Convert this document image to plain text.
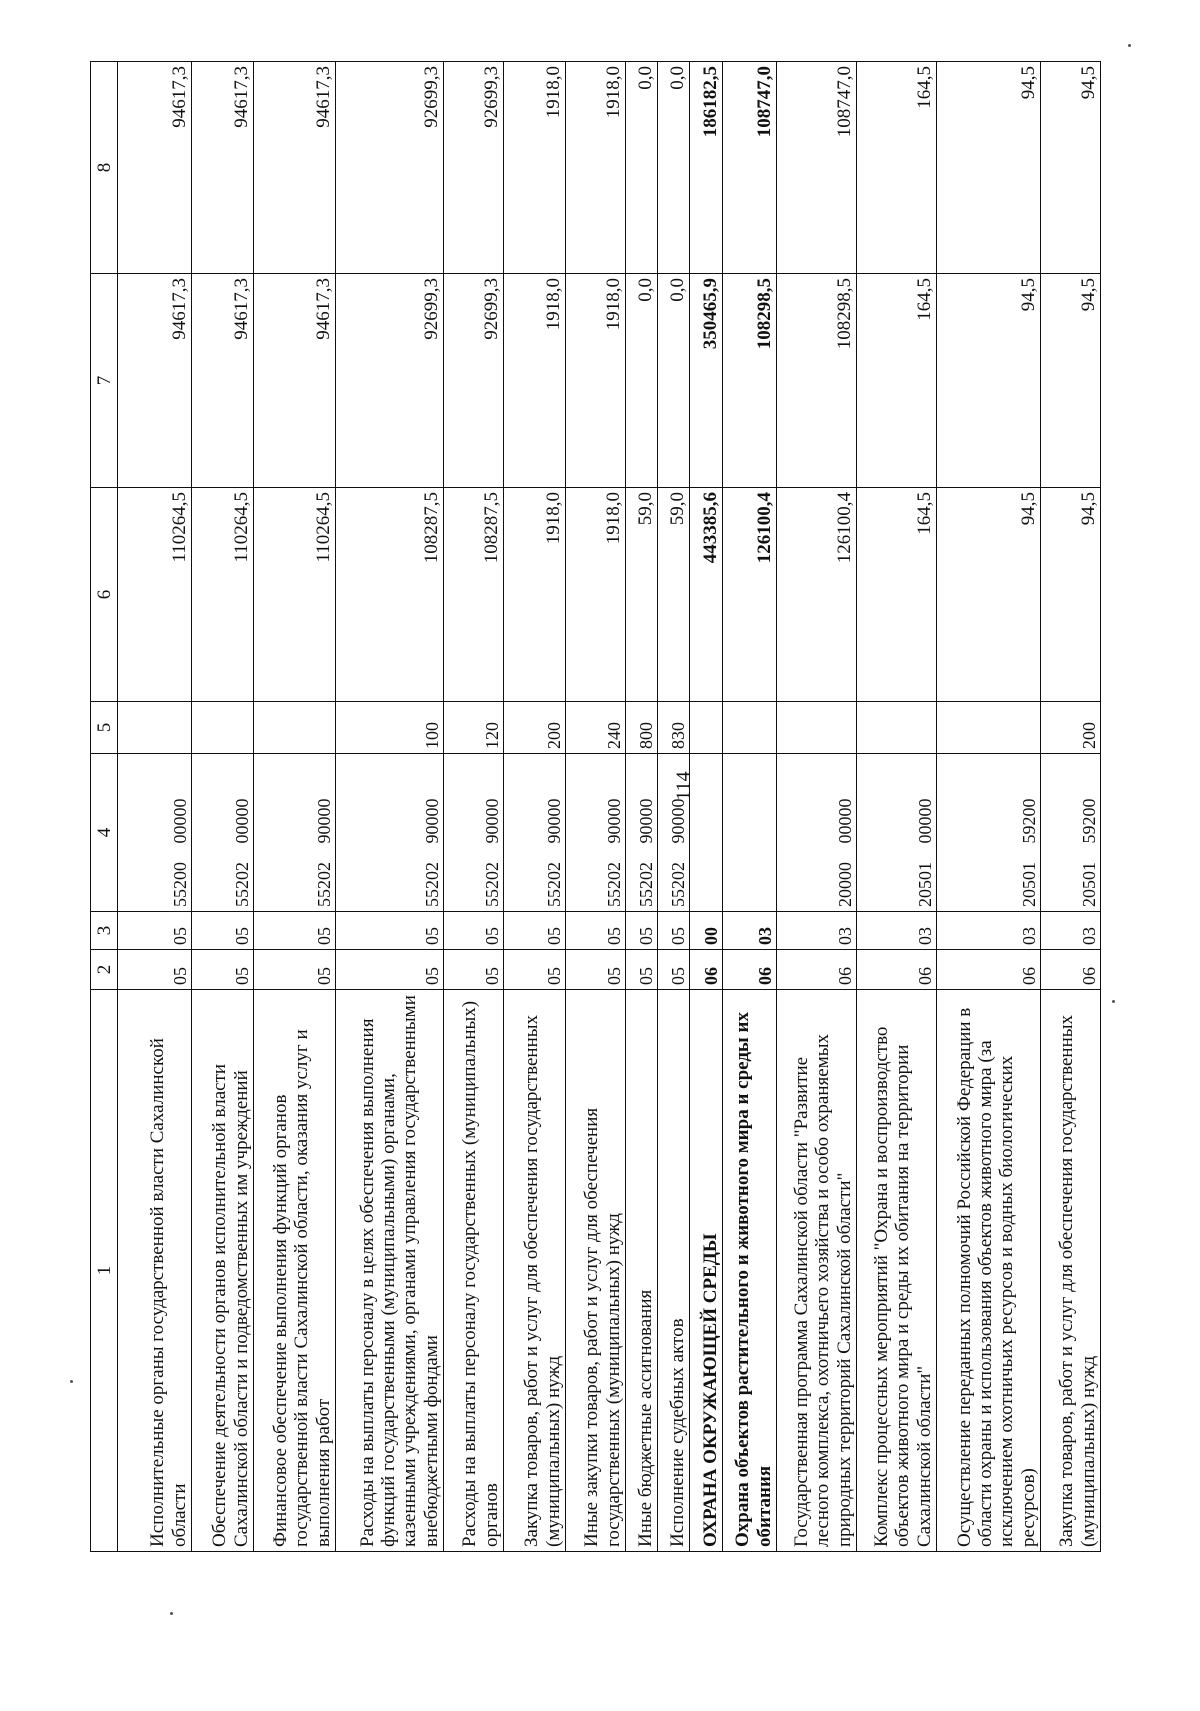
114
1	2	3	4	5	6	7	8
Исполнительные органы государственной власти Сахалинской области	05	05	55200 00000		110264,5	94617,3	94617,3
Обеспечение деятельности органов исполнительной власти Сахалинской области и подведомственных им учреждений	05	05	55202 00000		110264,5	94617,3	94617,3
Финансовое обеспечение выполнения функций органов государственной власти Сахалинской области, оказания услуг и выполнения работ	05	05	55202 90000		110264,5	94617,3	94617,3
Расходы на выплаты персоналу в целях обеспечения выполнения функций государственными (муниципальными) органами, казенными учреждениями, органами управления государственными внебюджетными фондами	05	05	55202 90000	100	108287,5	92699,3	92699,3
Расходы на выплаты персоналу государственных (муниципальных) органов	05	05	55202 90000	120	108287,5	92699,3	92699,3
Закупка товаров, работ и услуг для обеспечения государственных (муниципальных) нужд	05	05	55202 90000	200	1918,0	1918,0	1918,0
Иные закупки товаров, работ и услуг для обеспечения государственных (муниципальных) нужд	05	05	55202 90000	240	1918,0	1918,0	1918,0
Иные бюджетные ассигнования	05	05	55202 90000	800	59,0	0,0	0,0
Исполнение судебных актов	05	05	55202 90000	830	59,0	0,0	0,0
ОХРАНА ОКРУЖАЮЩЕЙ СРЕДЫ	06	00			443385,6	350465,9	186182,5
Охрана объектов растительного и животного мира и среды их обитания	06	03			126100,4	108298,5	108747,0
Государственная программа Сахалинской области "Развитие лесного комплекса, охотничьего хозяйства и особо охраняемых природных территорий Сахалинской области"	06	03	20000 00000		126100,4	108298,5	108747,0
Комплекс процессных мероприятий "Охрана и воспроизводство объектов животного мира и среды их обитания на территории Сахалинской области"	06	03	20501 00000		164,5	164,5	164,5
Осуществление переданных полномочий Российской Федерации в области охраны и использования объектов животного мира (за исключением охотничьих ресурсов и водных биологических ресурсов)	06	03	20501 59200		94,5	94,5	94,5
Закупка товаров, работ и услуг для обеспечения государственных (муниципальных) нужд	06	03	20501 59200	200	94,5	94,5	94,5
